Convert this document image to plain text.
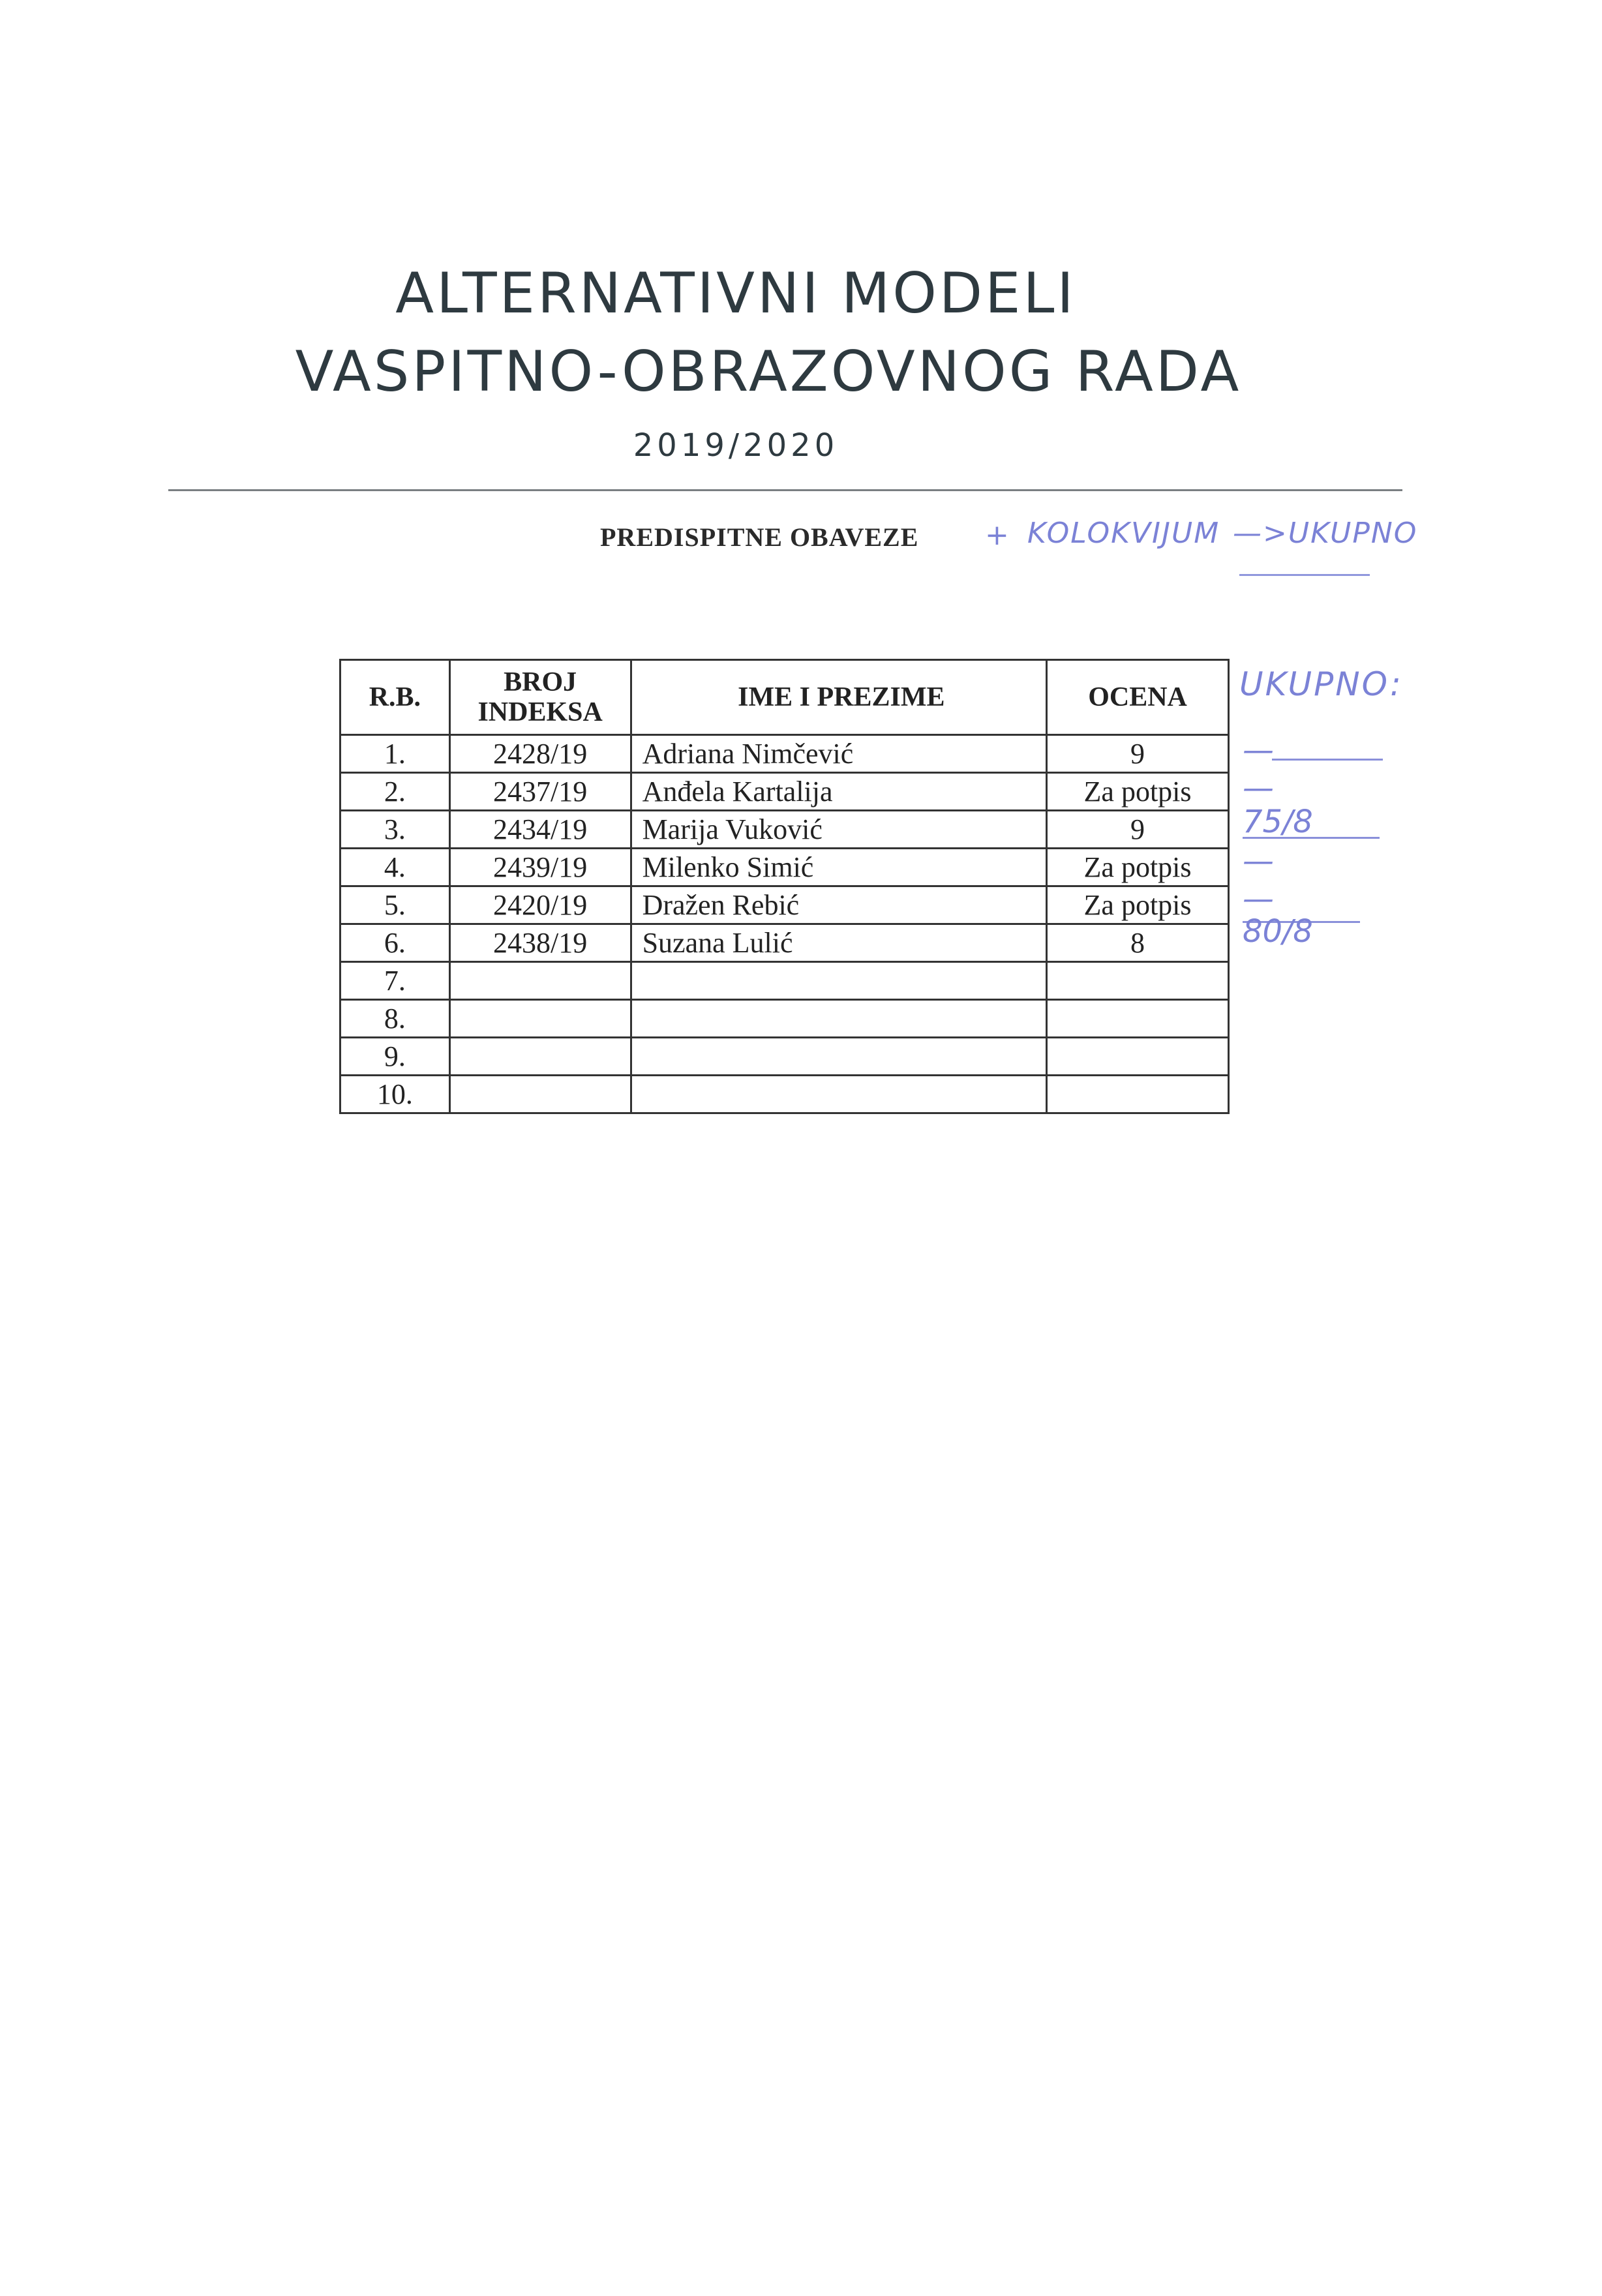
ALTERNATIVNI MODELI
VASPITNO-OBRAZOVNOG RADA
2019/2020
PREDISPITNE OBAVEZE + KOLOKVIJUM —>UKUPNO
R.B.	BROJ INDEKSA	IME I PREZIME	OCENA
1.	2428/19	Adriana Nimčević	9
2.	2437/19	Anđela Kartalija	Za potpis
3.	2434/19	Marija Vuković	9
4.	2439/19	Milenko Simić	Za potpis
5.	2420/19	Dražen Rebić	Za potpis
6.	2438/19	Suzana Lulić	8
7.			
8.			
9.			
10.			
UKUPNO:
—
—
75/8
—
—
80/8
